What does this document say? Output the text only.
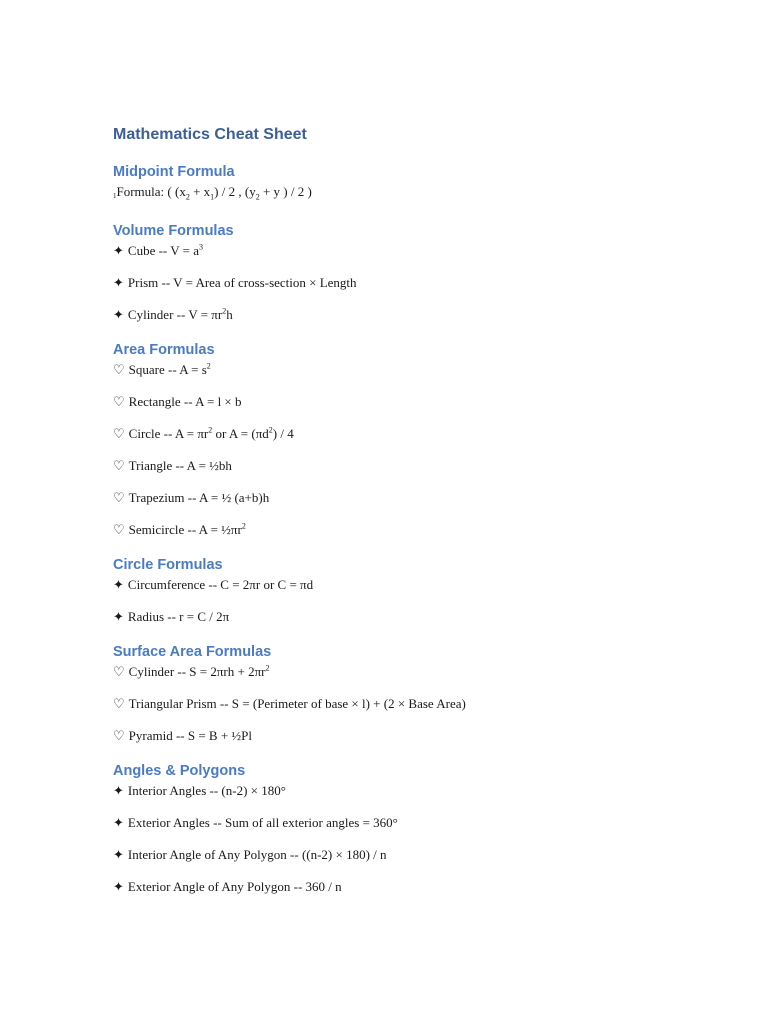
Mathematics Cheat Sheet
Midpoint Formula

1Formula: ( $(x_2 + x_1) / 2$ , ($y_2 + y$ ) / 2 )

Volume Formulas

✦ Cube -- $V = a^3$

✦ Prism -- V = Area of cross-section × Length

✦ Cylinder -- $V = \pi r^2h$

Area Formulas

♡ Square -- $A = s^2$

♡ Rectangle -- A = l × b

♡ Circle -- $A = \pi r^2$ or $A = (\pi d^2) / 4$

♡ Triangle -- A = ½bh

♡ Trapezium -- A = ½ (a+b)h

♡ Semicircle -- $A = \frac{1}{2}\pi r^2$

Circle Formulas

✦ Circumference -- C = 2πr or C = πd

✦ Radius -- r = C / 2π

Surface Area Formulas

♡ Cylinder -- $S = 2\pi rh + 2\pi r^2$

♡ Triangular Prism -- S = (Perimeter of base × l) + (2 × Base Area)

♡ Pyramid -- S = B + ½Pl

Angles & Polygons

✦ Interior Angles -- (n-2) × 180°

✦ Exterior Angles -- Sum of all exterior angles = 360°

✦ Interior Angle of Any Polygon -- ((n-2) × 180) / n

✦ Exterior Angle of Any Polygon -- 360 / n
